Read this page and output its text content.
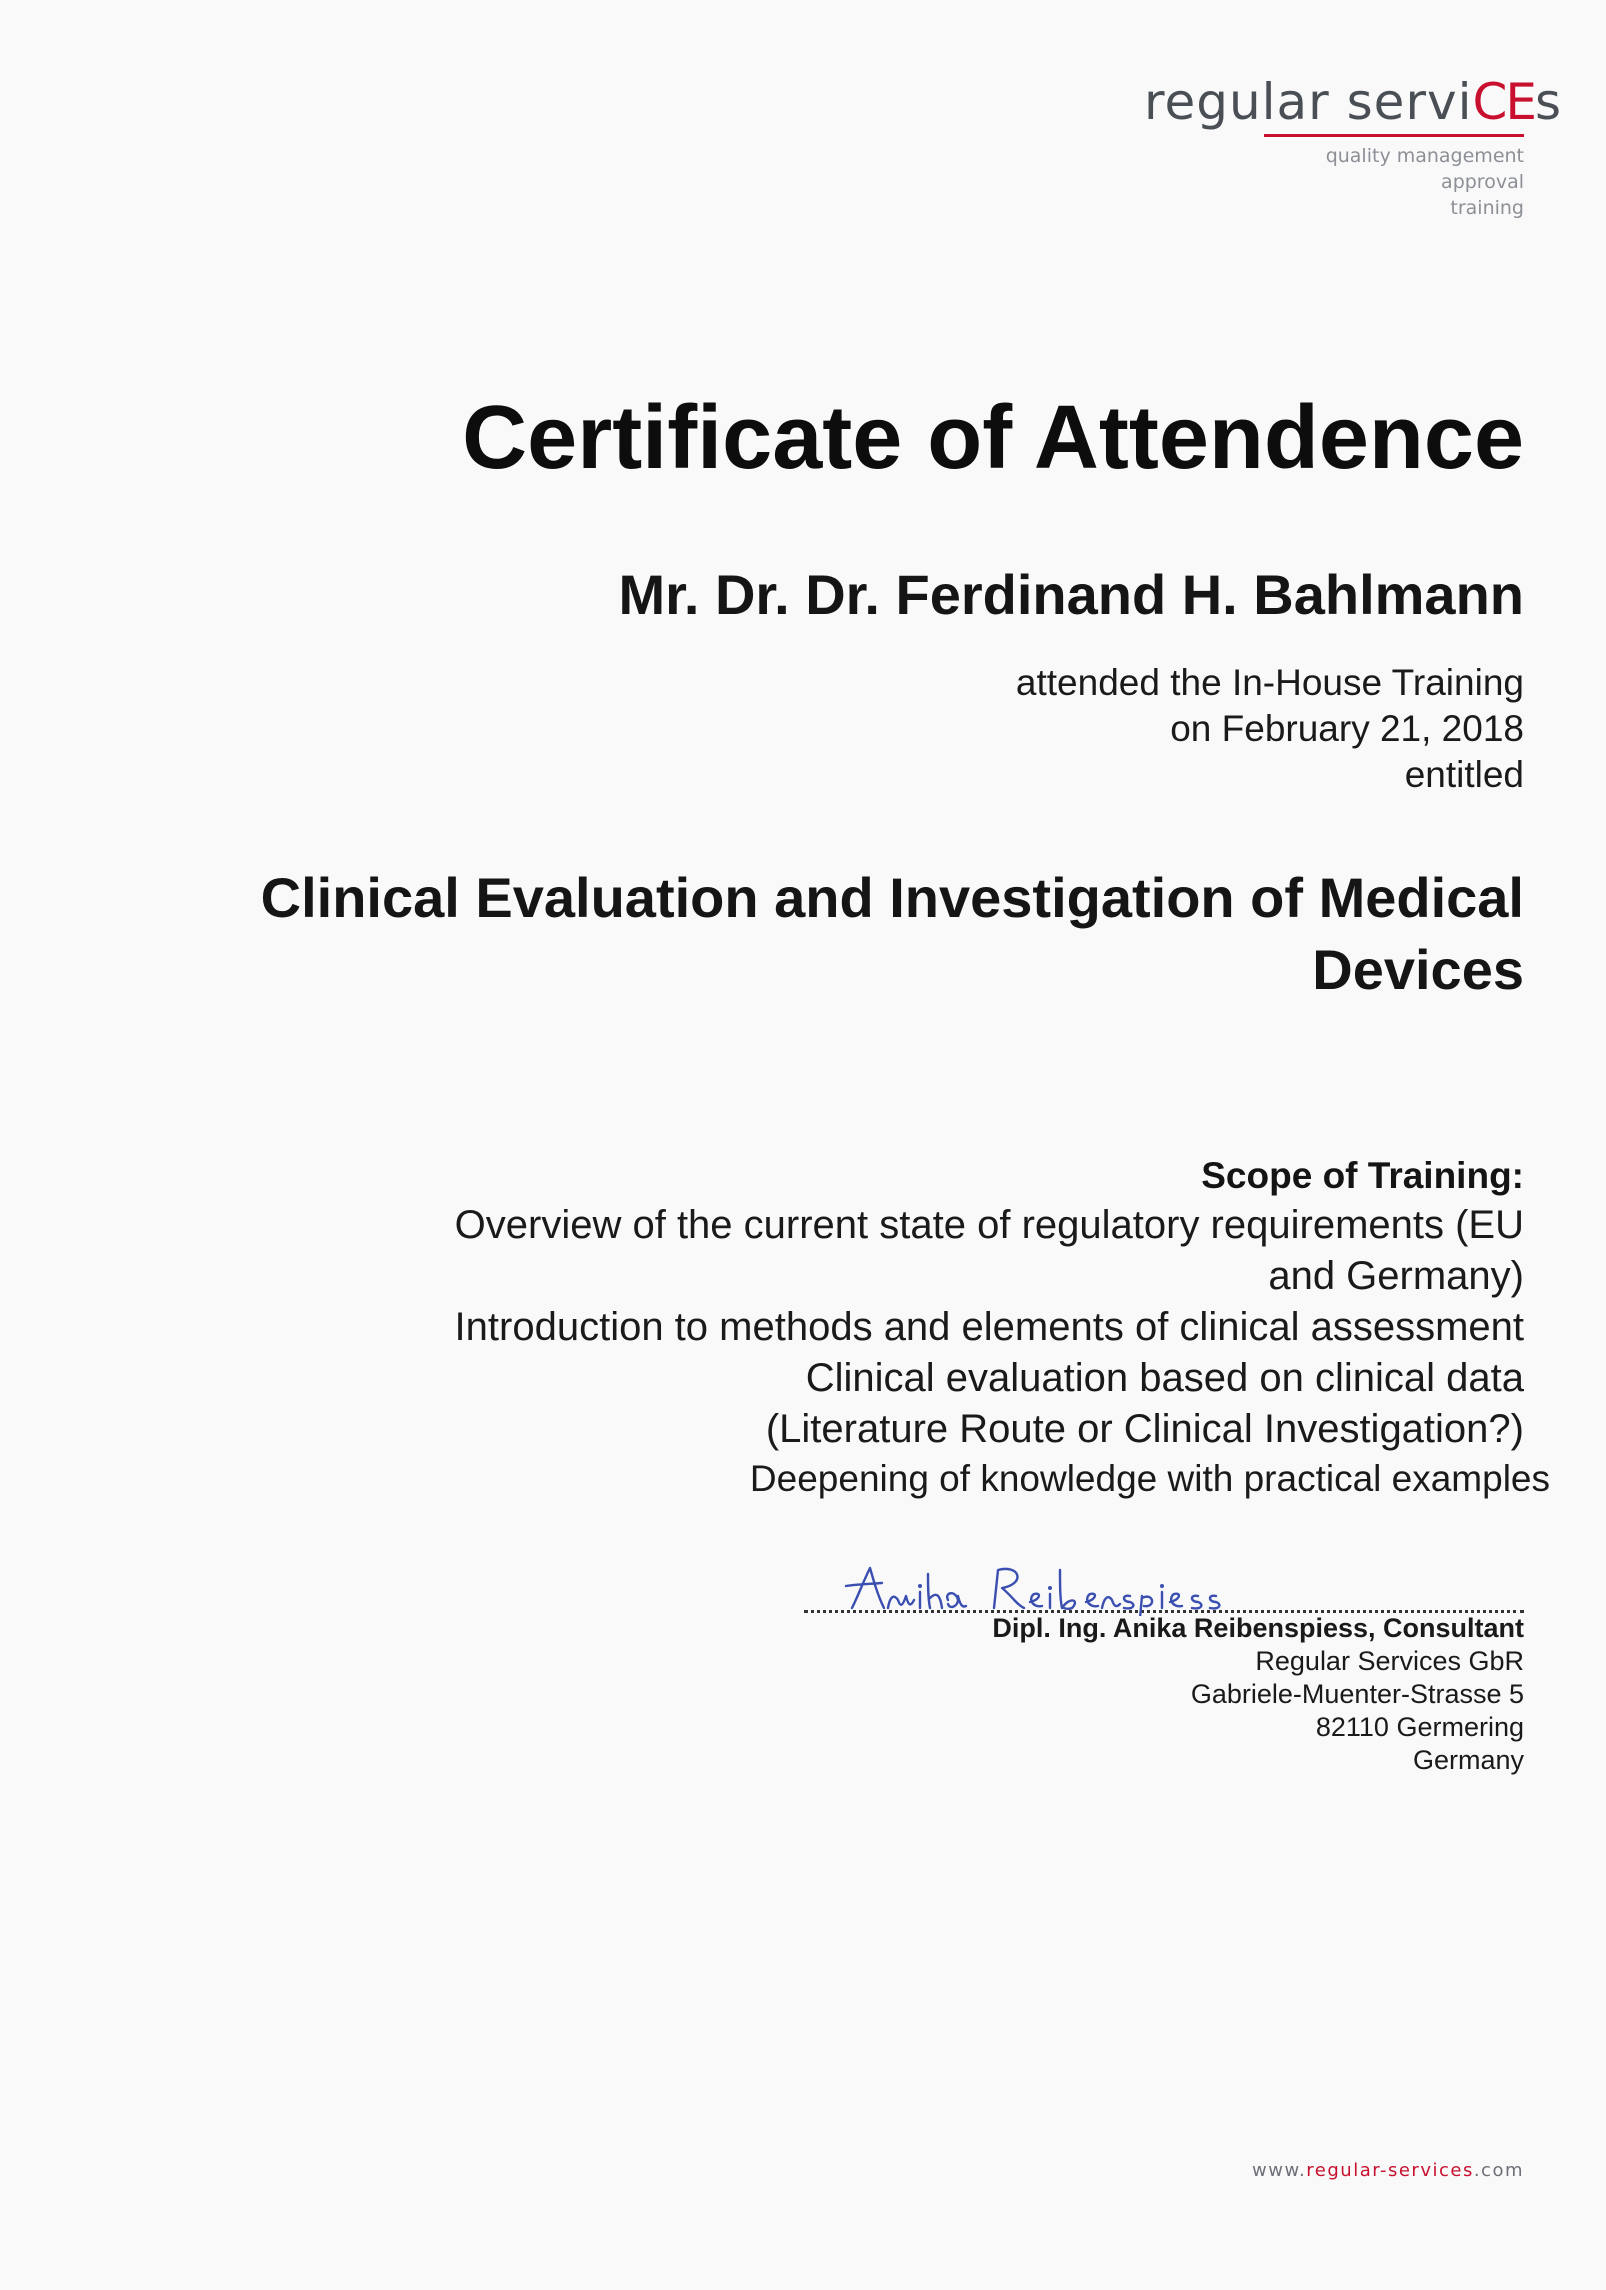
regular serviCEs
quality management
approval
training
Certificate of Attendence
Mr. Dr. Dr. Ferdinand H. Bahlmann
attended the In-House Training
on February 21, 2018
entitled
Clinical Evaluation and Investigation of Medical Devices
Scope of Training:
Overview of the current state of regulatory requirements (EU and Germany)
Introduction to methods and elements of clinical assessment
Clinical evaluation based on clinical data (Literature Route or Clinical Investigation?)
Deepening of knowledge with practical examples
Dipl. Ing. Anika Reibenspiess, Consultant
Regular Services GbR
Gabriele-Muenter-Strasse 5
82110 Germering
Germany
www.regular-services.com
